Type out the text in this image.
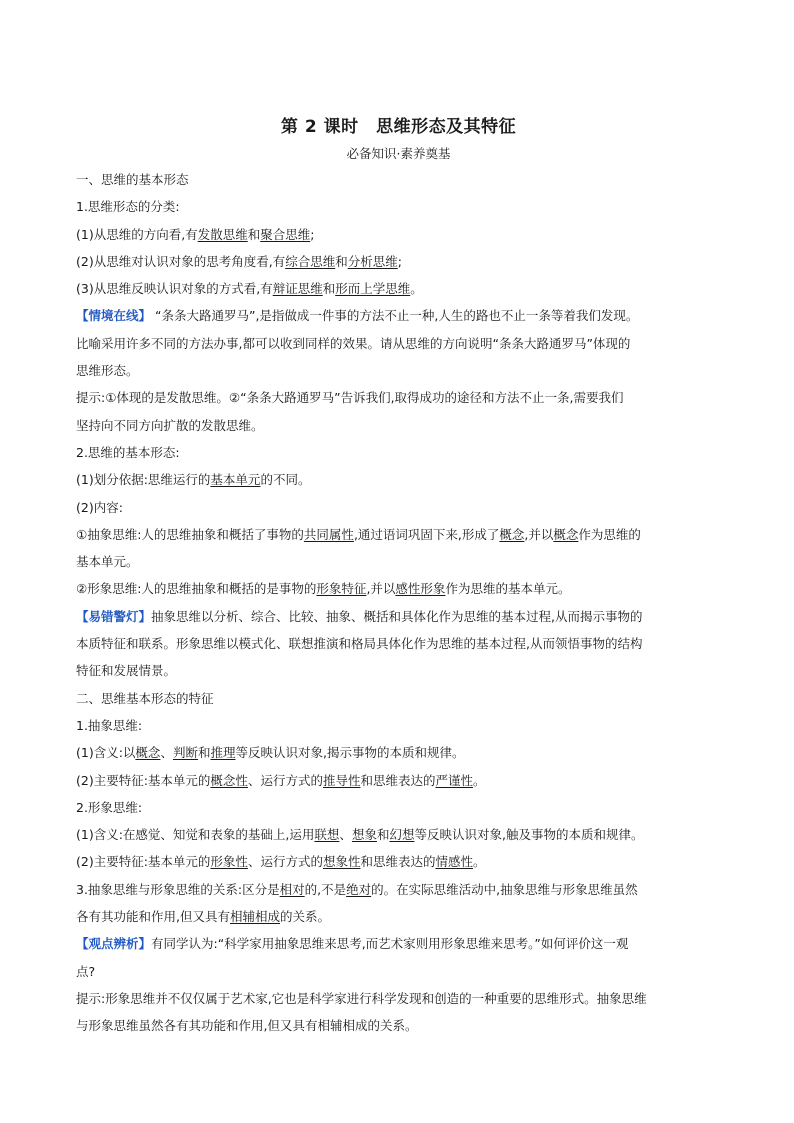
第 2 课时　思维形态及其特征
必备知识·素养奠基
一、思维的基本形态
1.思维形态的分类:
(1)从思维的方向看,有发散思维和聚合思维;
(2)从思维对认识对象的思考角度看,有综合思维和分析思维;
(3)从思维反映认识对象的方式看,有辩证思维和形而上学思维。
【情境在线】 “条条大路通罗马”,是指做成一件事的方法不止一种,人生的路也不止一条等着我们发现。
比喻采用许多不同的方法办事,都可以收到同样的效果。请从思维的方向说明“条条大路通罗马”体现的
思维形态。
提示:①体现的是发散思维。②“条条大路通罗马”告诉我们,取得成功的途径和方法不止一条,需要我们
坚持向不同方向扩散的发散思维。
2.思维的基本形态:
(1)划分依据:思维运行的基本单元的不同。
(2)内容:
①抽象思维:人的思维抽象和概括了事物的共同属性,通过语词巩固下来,形成了概念,并以概念作为思维的
基本单元。
②形象思维:人的思维抽象和概括的是事物的形象特征,并以感性形象作为思维的基本单元。
【易错警灯】抽象思维以分析、综合、比较、抽象、概括和具体化作为思维的基本过程,从而揭示事物的
本质特征和联系。形象思维以模式化、联想推演和格局具体化作为思维的基本过程,从而领悟事物的结构
特征和发展情景。
二、思维基本形态的特征
1.抽象思维:
(1)含义:以概念、判断和推理等反映认识对象,揭示事物的本质和规律。
(2)主要特征:基本单元的概念性、运行方式的推导性和思维表达的严谨性。
2.形象思维:
(1)含义:在感觉、知觉和表象的基础上,运用联想、想象和幻想等反映认识对象,触及事物的本质和规律。
(2)主要特征:基本单元的形象性、运行方式的想象性和思维表达的情感性。
3.抽象思维与形象思维的关系:区分是相对的,不是绝对的。在实际思维活动中,抽象思维与形象思维虽然
各有其功能和作用,但又具有相辅相成的关系。
【观点辨析】有同学认为:“科学家用抽象思维来思考,而艺术家则用形象思维来思考。”如何评价这一观
点?
提示:形象思维并不仅仅属于艺术家,它也是科学家进行科学发现和创造的一种重要的思维形式。抽象思维
与形象思维虽然各有其功能和作用,但又具有相辅相成的关系。
